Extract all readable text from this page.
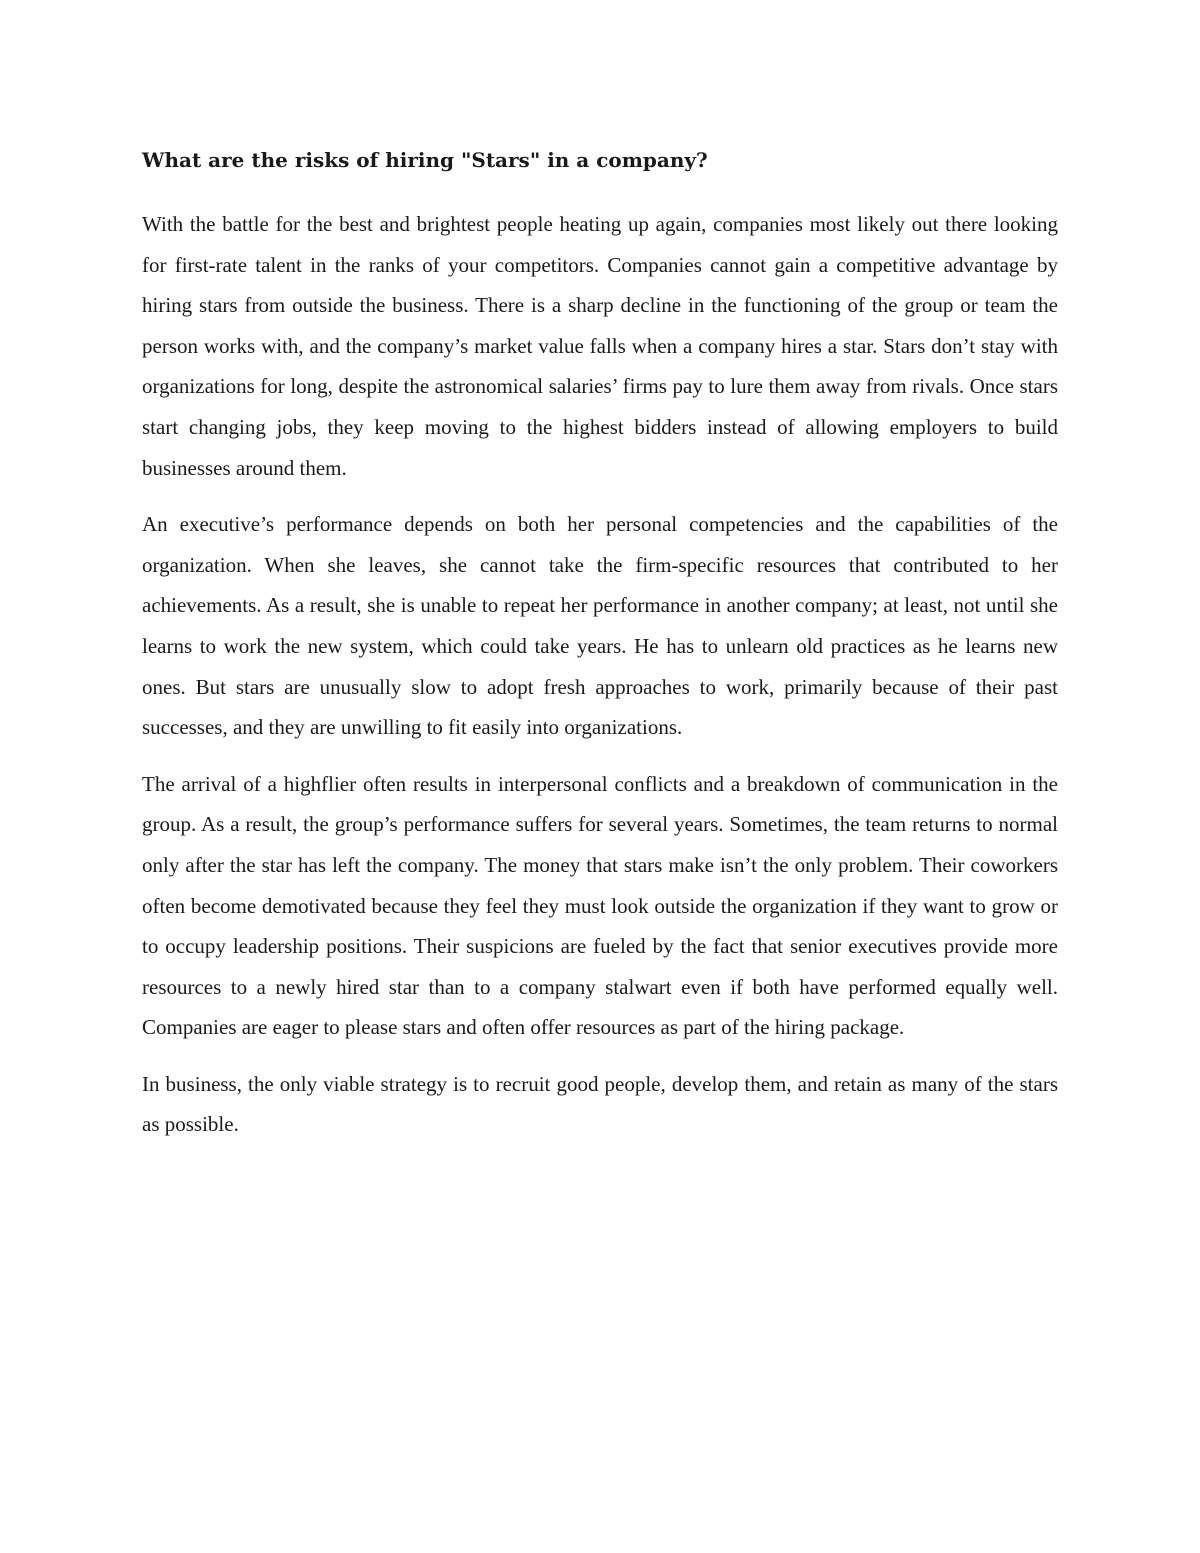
What are the risks of hiring "Stars" in a company?

With the battle for the best and brightest people heating up again, companies most likely out there looking for first-rate talent in the ranks of your competitors. Companies cannot gain a competitive advantage by hiring stars from outside the business. There is a sharp decline in the functioning of the group or team the person works with, and the company’s market value falls when a company hires a star. Stars don’t stay with organizations for long, despite the astronomical salaries’ firms pay to lure them away from rivals. Once stars start changing jobs, they keep moving to the highest bidders instead of allowing employers to build businesses around them.

An executive’s performance depends on both her personal competencies and the capabilities of the organization. When she leaves, she cannot take the firm-specific resources that contributed to her achievements. As a result, she is unable to repeat her performance in another company; at least, not until she learns to work the new system, which could take years. He has to unlearn old practices as he learns new ones. But stars are unusually slow to adopt fresh approaches to work, primarily because of their past successes, and they are unwilling to fit easily into organizations.

The arrival of a highflier often results in interpersonal conflicts and a breakdown of communication in the group. As a result, the group’s performance suffers for several years. Sometimes, the team returns to normal only after the star has left the company. The money that stars make isn’t the only problem. Their coworkers often become demotivated because they feel they must look outside the organization if they want to grow or to occupy leadership positions. Their suspicions are fueled by the fact that senior executives provide more resources to a newly hired star than to a company stalwart even if both have performed equally well. Companies are eager to please stars and often offer resources as part of the hiring package.

In business, the only viable strategy is to recruit good people, develop them, and retain as many of the stars as possible.
